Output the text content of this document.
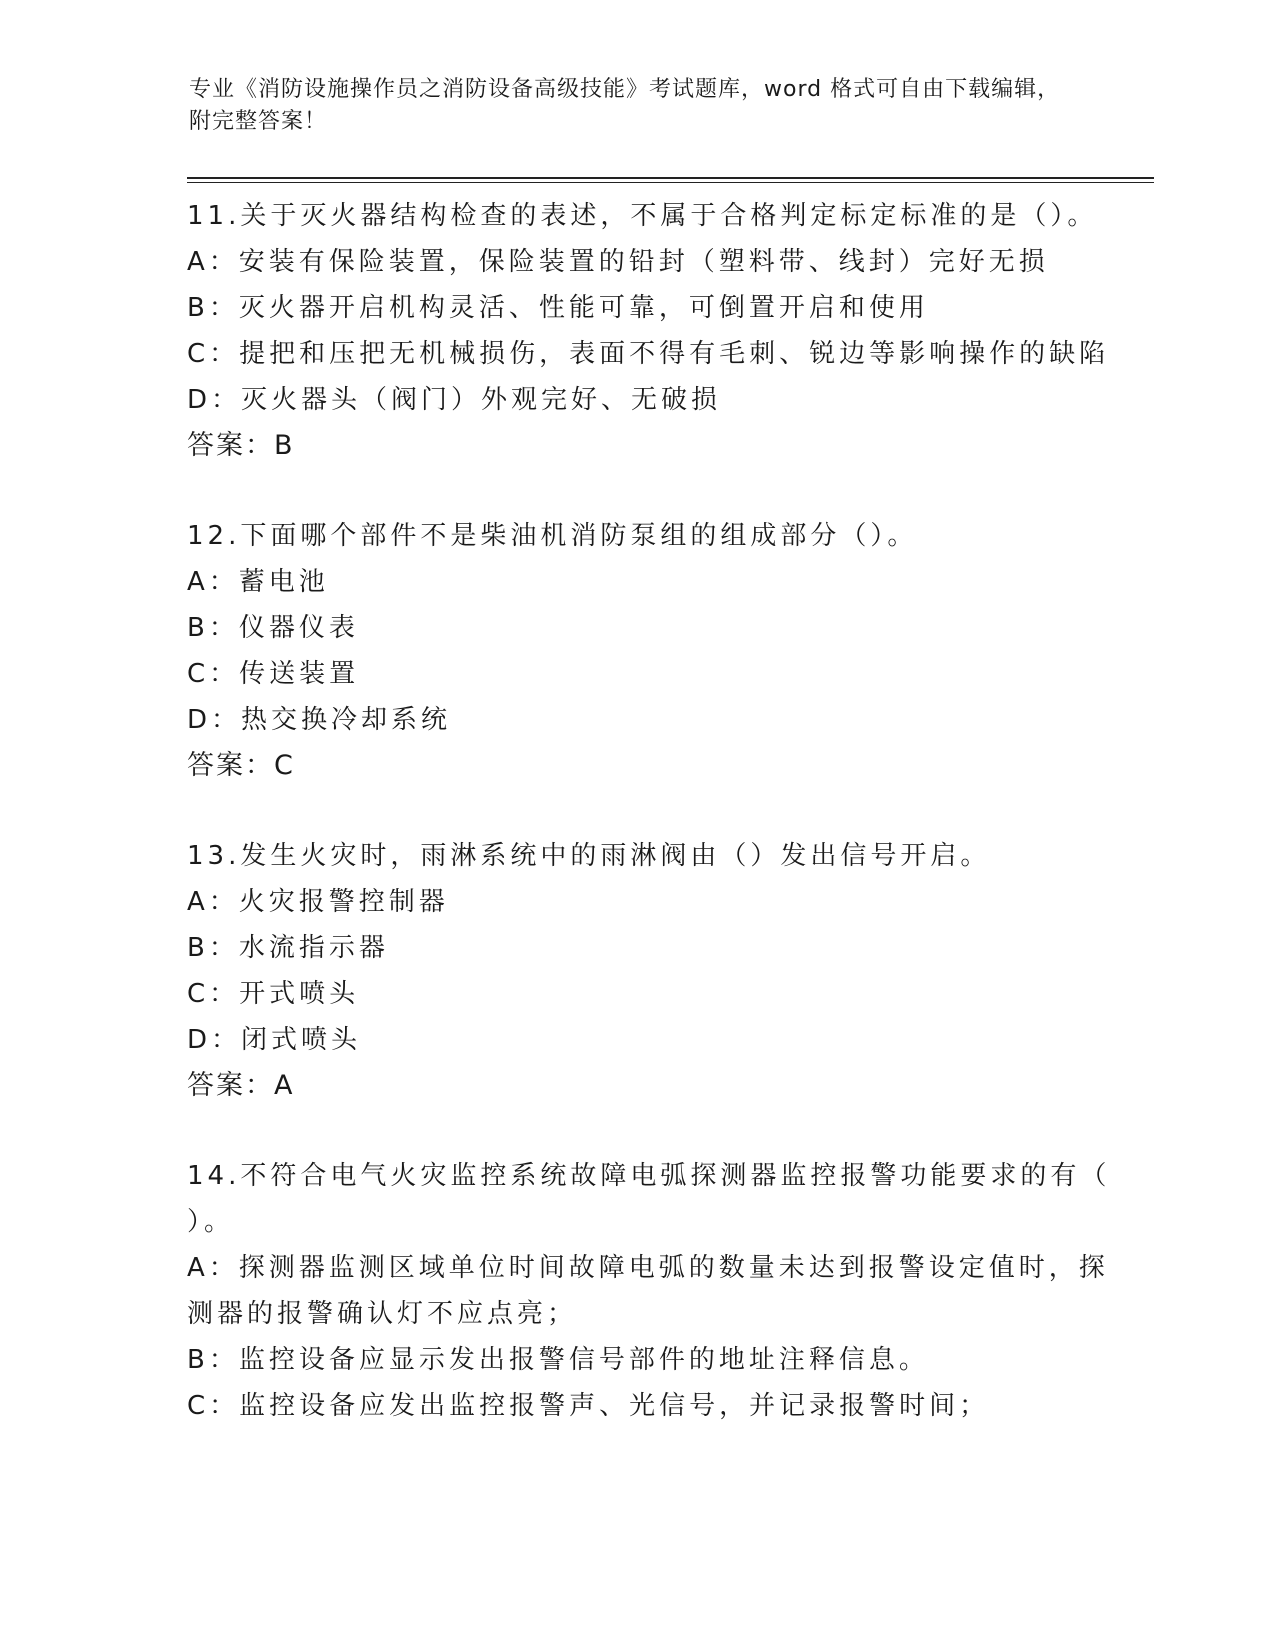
专业《消防设施操作员之消防设备高级技能》考试题库，word 格式可自由下载编辑，附完整答案！
11.关于灭火器结构检查的表述，不属于合格判定标定标准的是（）。
A：安装有保险装置，保险装置的铅封（塑料带、线封）完好无损
B：灭火器开启机构灵活、性能可靠，可倒置开启和使用
C：提把和压把无机械损伤，表面不得有毛刺、锐边等影响操作的缺陷
D：灭火器头（阀门）外观完好、无破损
答案：B
12.下面哪个部件不是柴油机消防泵组的组成部分（）。
A：蓄电池
B：仪器仪表
C：传送装置
D：热交换冷却系统
答案：C
13.发生火灾时，雨淋系统中的雨淋阀由（）发出信号开启。
A：火灾报警控制器
B：水流指示器
C：开式喷头
D：闭式喷头
答案：A
14.不符合电气火灾监控系统故障电弧探测器监控报警功能要求的有（
）。
A：探测器监测区域单位时间故障电弧的数量未达到报警设定值时，探
测器的报警确认灯不应点亮；
B：监控设备应显示发出报警信号部件的地址注释信息。
C：监控设备应发出监控报警声、光信号，并记录报警时间；
